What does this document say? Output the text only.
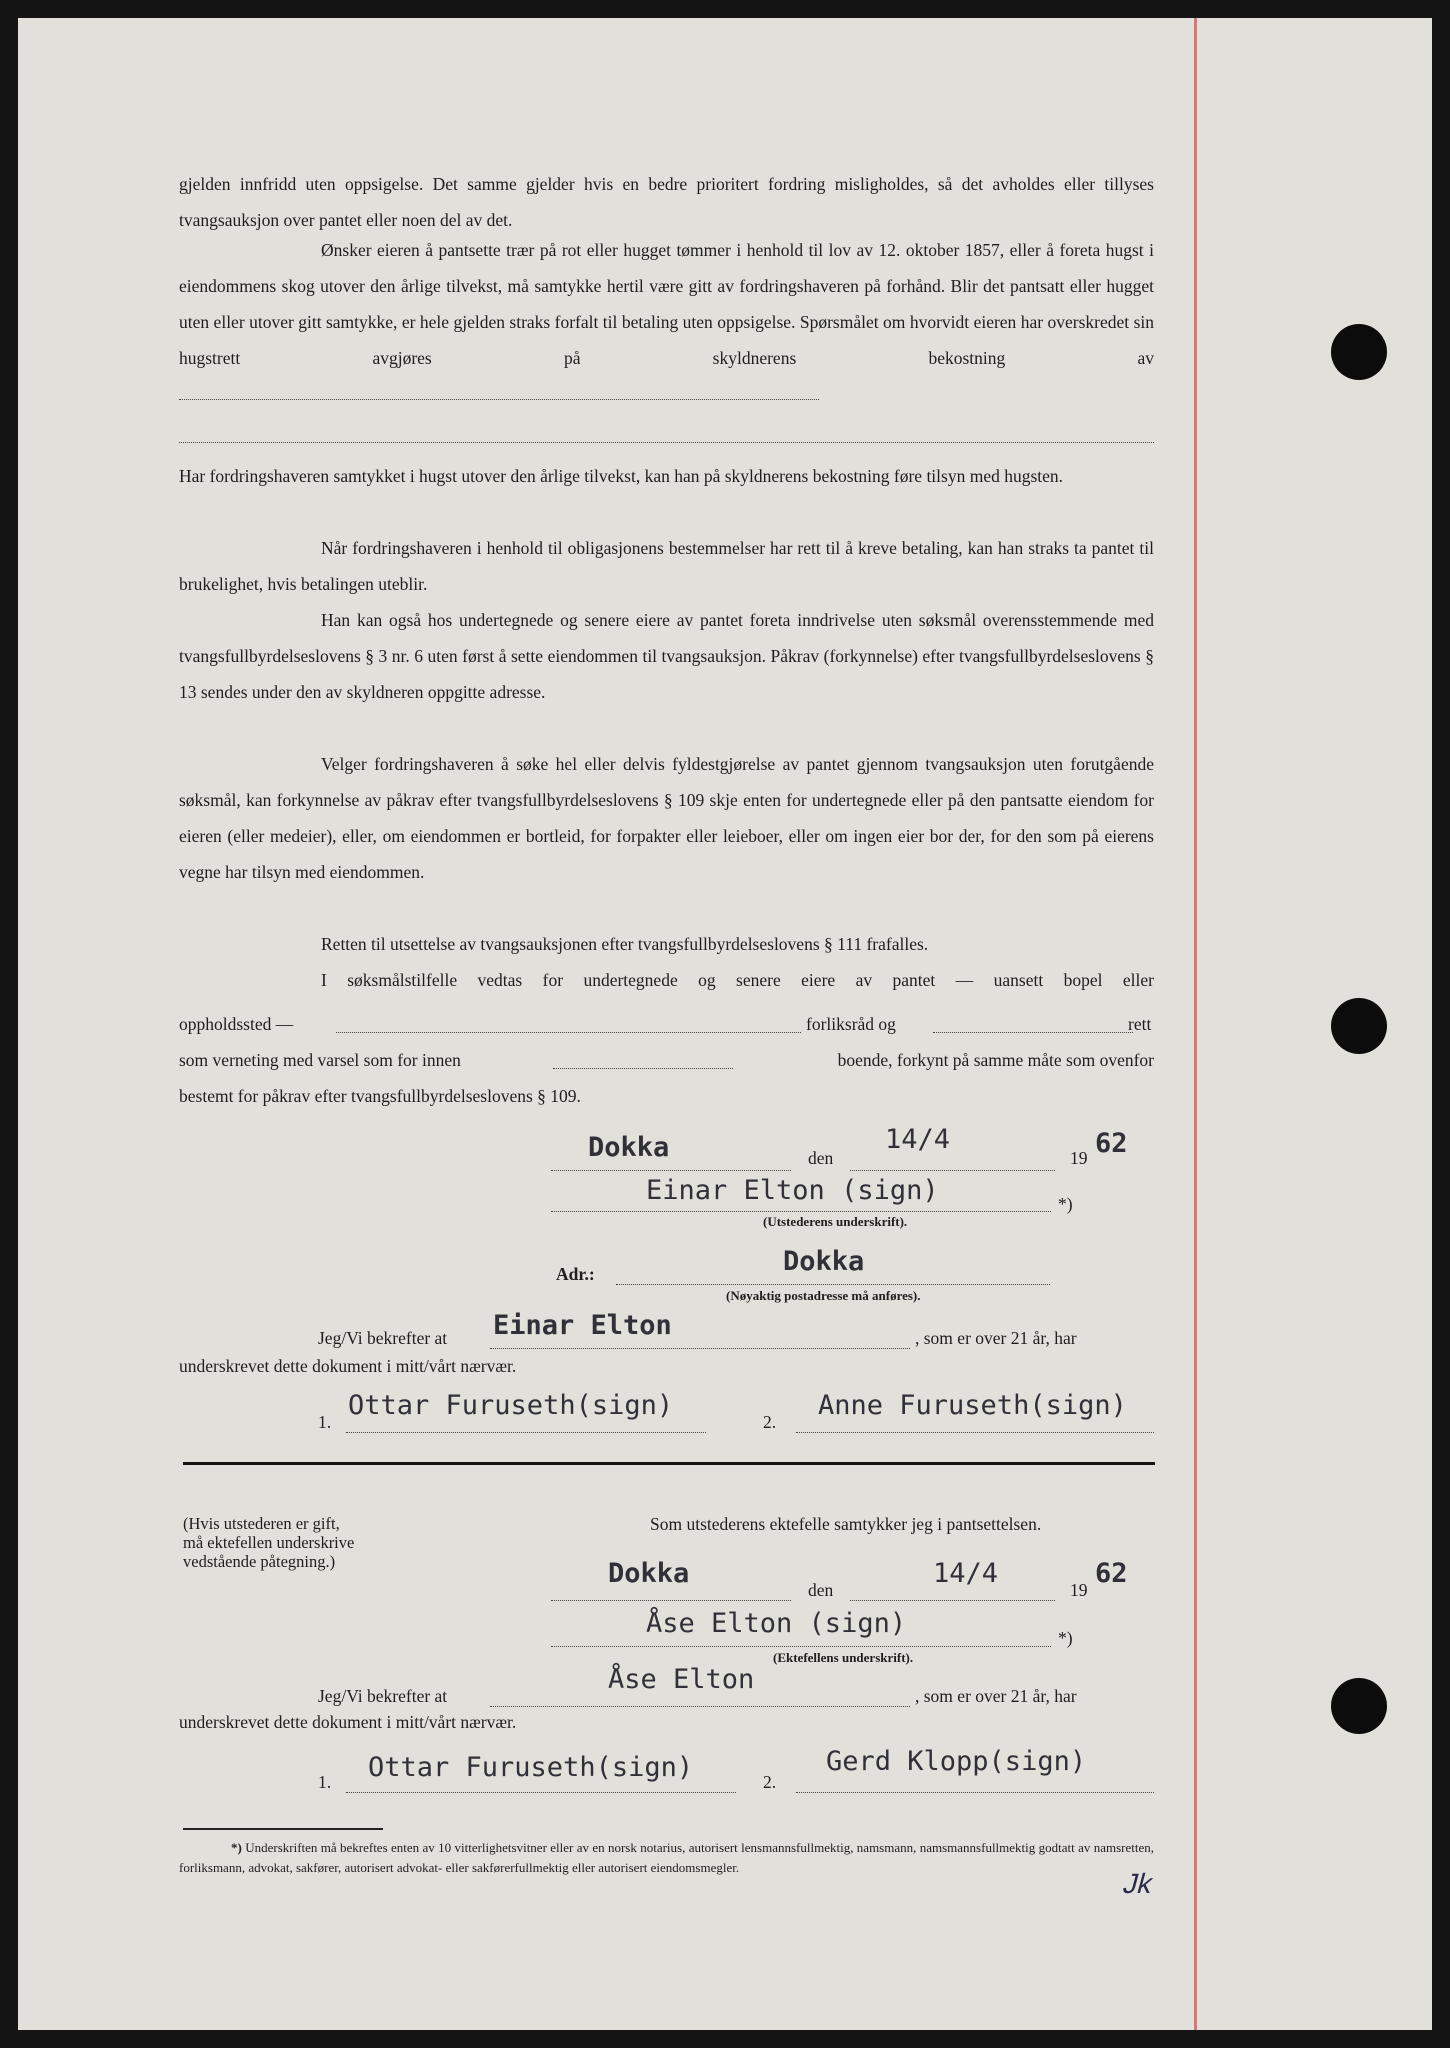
gjelden innfridd uten oppsigelse. Det samme gjelder hvis en bedre prioritert fordring misligholdes, så det avholdes eller tillyses tvangsauksjon over pantet eller noen del av det.

Ønsker eieren å pantsette trær på rot eller hugget tømmer i henhold til lov av 12. oktober 1857, eller å foreta hugst i eiendommens skog utover den årlige tilvekst, må samtykke hertil være gitt av fordringshaveren på forhånd. Blir det pantsatt eller hugget uten eller utover gitt samtykke, er hele gjelden straks forfalt til betaling uten oppsigelse. Spørsmålet om hvorvidt eieren har overskredet sin hugstrett avgjøres på skyldnerens bekostning av

Har fordringshaveren samtykket i hugst utover den årlige tilvekst, kan han på skyldnerens bekostning føre tilsyn med hugsten.

Når fordringshaveren i henhold til obligasjonens bestemmelser har rett til å kreve betaling, kan han straks ta pantet til brukelighet, hvis betalingen uteblir.

Han kan også hos undertegnede og senere eiere av pantet foreta inndrivelse uten søksmål overensstemmende med tvangsfullbyrdelseslovens § 3 nr. 6 uten først å sette eiendommen til tvangsauksjon. Påkrav (forkynnelse) efter tvangsfullbyrdelseslovens § 13 sendes under den av skyldneren oppgitte adresse.

Velger fordringshaveren å søke hel eller delvis fyldestgjørelse av pantet gjennom tvangsauksjon uten forutgående søksmål, kan forkynnelse av påkrav efter tvangsfullbyrdelseslovens § 109 skje enten for undertegnede eller på den pantsatte eiendom for eieren (eller medeier), eller, om eiendommen er bortleid, for forpakter eller leieboer, eller om ingen eier bor der, for den som på eierens vegne har tilsyn med eiendommen.

Retten til utsettelse av tvangsauksjonen efter tvangsfullbyrdelseslovens § 111 frafalles.

I søksmålstilfelle vedtas for undertegnede og senere eiere av pantet — uansett bopel eller

oppholdssted —	forliksråd og	rett
som verneting med varsel som for innen	boende, forkynt på samme måte som ovenfor
bestemt for påkrav efter tvangsfullbyrdelseslovens § 109.
Dokka	den
14/4
19 62
Einar Elton (sign)	*)
(Utstederens underskrift).
Adr.:	Dokka
(Nøyaktig postadresse må anføres).
Jeg/Vi bekrefter at Einar Elton	, som er over 21 år, har
underskrevet dette dokument i mitt/vårt nærvær.
1.
Ottar Furuseth(sign)
2.
Anne Furuseth(sign)
(Hvis utstederen er gift,
må ektefellen underskrive
vedstående påtegning.)
Som utstederens ektefelle samtykker jeg i pantsettelsen.
Dokka
den
14/4
19
62
Åse Elton (sign)	*)
(Ektefellens underskrift).
Jeg/Vi bekrefter at
Åse Elton
, som er over 21 år, har
underskrevet dette dokument i mitt/vårt nærvær.
1. Ottar Furuseth(sign)	2.
Gerd Klopp(sign)
*) Underskriften må bekreftes enten av 10 vitterlighetsvitner eller av en norsk notarius, autorisert lensmannsfullmektig, namsmann, namsmannsfullmektig godtatt av namsretten, forliksmann, advokat, sakfører, autorisert advokat- eller sakførerfullmektig eller autorisert eiendomsmegler.
Jk
